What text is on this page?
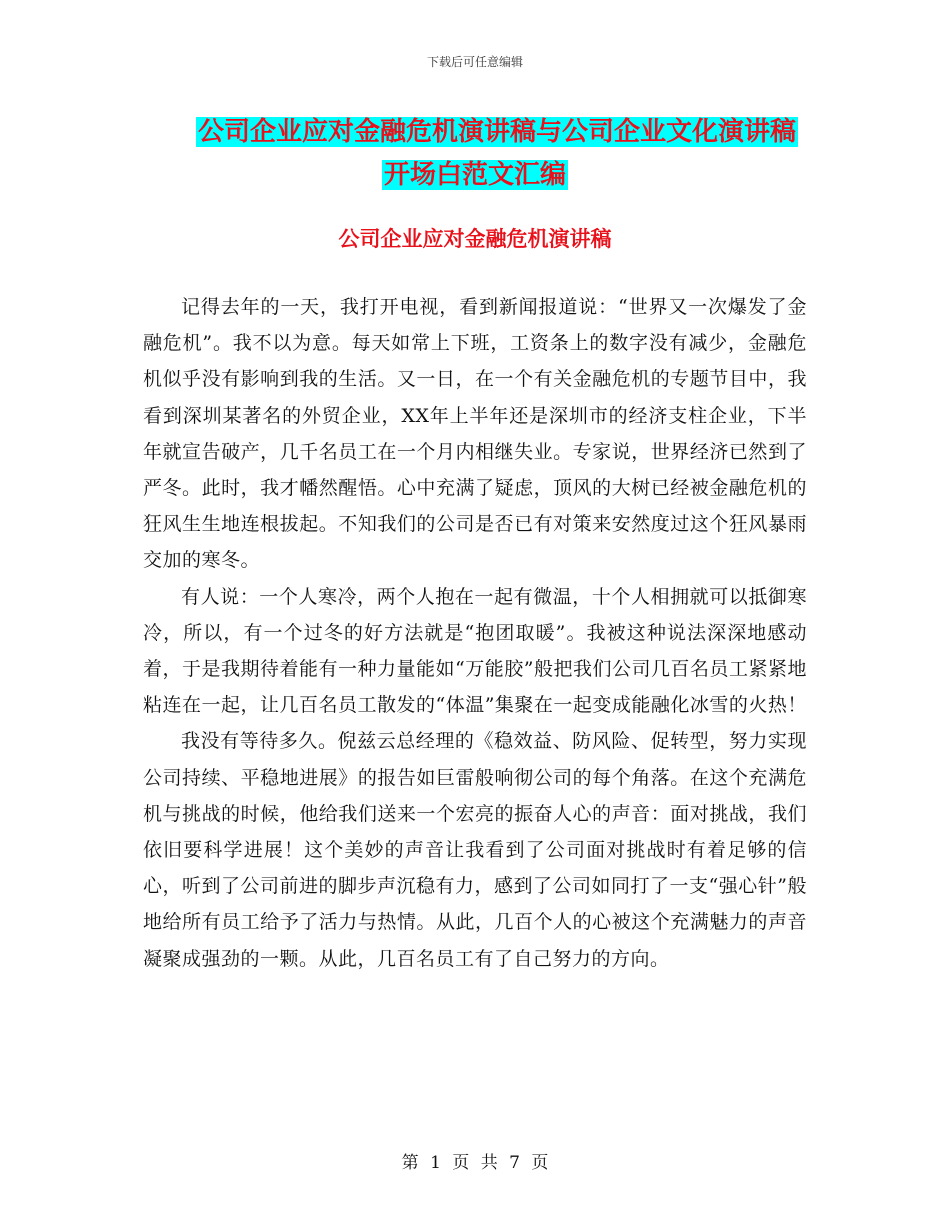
下载后可任意编辑
公司企业应对金融危机演讲稿与公司企业文化演讲稿
开场白范文汇编
公司企业应对金融危机演讲稿

记得去年的一天，我打开电视，看到新闻报道说：“世界又一次爆发了金融危机”。我不以为意。每天如常上下班，工资条上的数字没有减少，金融危机似乎没有影响到我的生活。又一日，在一个有关金融危机的专题节目中，我看到深圳某著名的外贸企业，XX年上半年还是深圳市的经济支柱企业，下半年就宣告破产，几千名员工在一个月内相继失业。专家说，世界经济已然到了严冬。此时，我才幡然醒悟。心中充满了疑虑，顶风的大树已经被金融危机的狂风生生地连根拔起。不知我们的公司是否已有对策来安然度过这个狂风暴雨交加的寒冬。

有人说：一个人寒冷，两个人抱在一起有微温，十个人相拥就可以抵御寒冷，所以，有一个过冬的好方法就是“抱团取暖”。我被这种说法深深地感动着，于是我期待着能有一种力量能如“万能胶”般把我们公司几百名员工紧紧地粘连在一起，让几百名员工散发的“体温”集聚在一起变成能融化冰雪的火热！

我没有等待多久。倪兹云总经理的《稳效益、防风险、促转型，努力实现公司持续、平稳地进展》的报告如巨雷般响彻公司的每个角落。在这个充满危机与挑战的时候，他给我们送来一个宏亮的振奋人心的声音：面对挑战，我们依旧要科学进展！这个美妙的声音让我看到了公司面对挑战时有着足够的信心，听到了公司前进的脚步声沉稳有力，感到了公司如同打了一支“强心针”般地给所有员工给予了活力与热情。从此，几百个人的心被这个充满魅力的声音凝聚成强劲的一颗。从此，几百名员工有了自己努力的方向。

第 1 页 共 7 页
